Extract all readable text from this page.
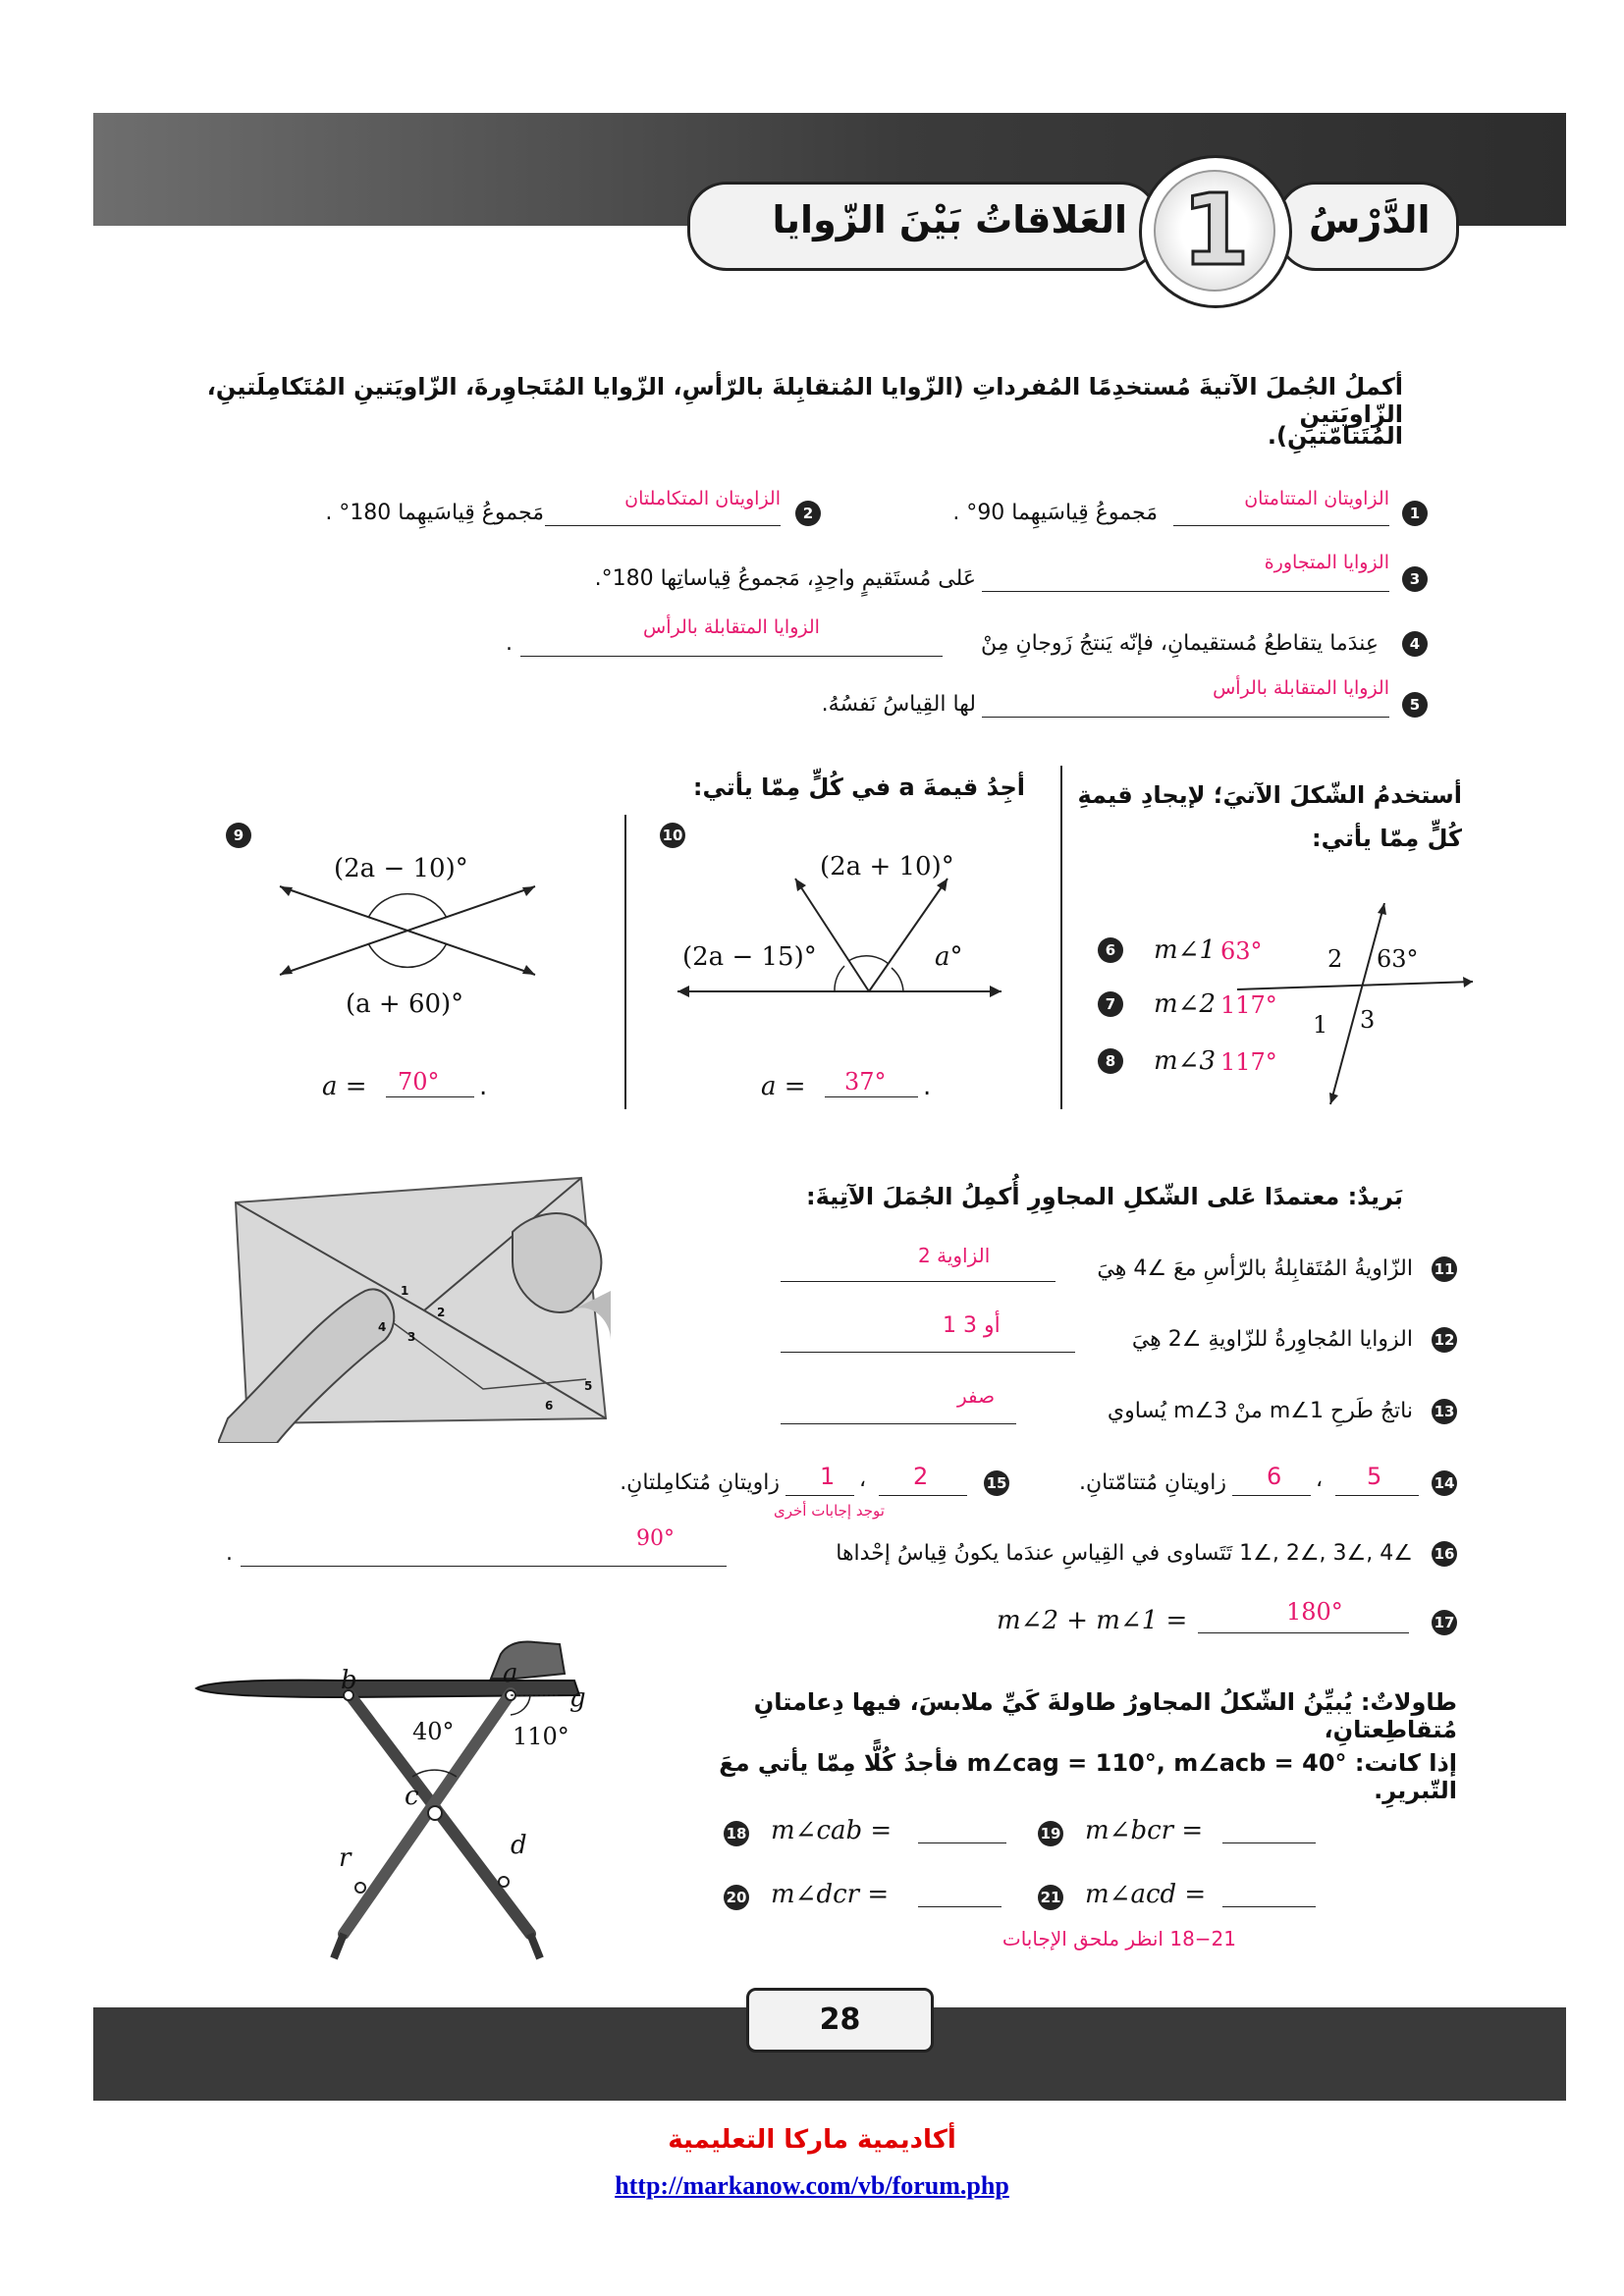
العَلاقاتُ بَيْنَ الزّوايا	الدَّرْسُ
1
أكملُ الجُملَ الآتيةَ مُستخدِمًا المُفرداتِ (الزّوايا المُتقابِلةَ بالرّأسِ، الزّوايا المُتَجاوِرةَ، الزّاويَتينِ المُتَكامِلَتينِ، الزّاويَتينِ
المُتَتامّتينِ).
1
الزاويتان المتتامتان
مَجموعُ قِياسَيهِما 90° .
2
الزاويتان المتكاملتان
مَجموعُ قِياسَيهِما 180° .
3
الزوايا المتجاورة
عَلى مُستَقيمٍ واحِدٍ، مَجموعُ قِياساتِها 180°.
4
عِندَما يتقاطعُ مُستقيمانِ، فإنّه يَنتجُ زَوجانِ مِنْ
الزوايا المتقابلة بالرأس
.
5
الزوايا المتقابلة بالرأس
لها القِياسُ نَفسُهُ.
أستخدمُ الشّكلَ الآتيَ؛ لإيجادِ قيمةِ كُلٍّ مِمّا يأتي:
أجِدُ قيمةَ a في كُلٍّ مِمّا يأتي:
6 m∠1 63°
7 m∠2 117°
8 m∠3 117°
2 63°
1 3
10
(2a + 10)°
(2a − 15)°	a°
a = 37° .
9
(2a − 10)°
(a + 60)°
a = 70° .
1
2
3
4
5
6
بَريدٌ: معتمدًا عَلى الشّكلِ المجاوِرِ أُكمِلُ الجُمَلَ الآتِيةَ:
11
الزّاويةُ المُتَقابِلةُ بالرّأسِ معَ ∠4 هِيَ
الزاوية 2
12
الزوايا المُجاوِرةُ للزّاويةِ ∠2 هِيَ
1 أو 3
13
ناتجُ طَرحِ m∠1 منْ m∠3 يُساوي
صفر
14
5
،
6
زاويتانِ مُتتامّتانِ.
15
2
،
1
زاويتانِ مُتكامِلتانِ.
توجد إجابات أخرى
16
∠4 ,∠3 ,∠2 ,∠1 تَتَساوى في القِياسِ عندَما يكونُ قِياسُ إحْداها
90°
.
17
m∠2 + m∠1 =	180°
b	a
g
40° 110°
c
d
r
طاولاتٌ: يُبيِّنُ الشّكلُ المجاورُ طاولةَ كَيِّ ملابسَ، فيها دِعامتانِ مُتقاطِعتانِ،
إذا كانت: m∠cag = 110°, m∠acb = 40° فأجدُ كُلًّا مِمّا يأتي معَ التّبريرِ.
18 m∠cab =	19 m∠bcr =
20 m∠dcr =	21 m∠acd =
18−21 انظر ملحق الإجابات
28
أكاديمية ماركا التعليمية
http://markanow.com/vb/forum.php
